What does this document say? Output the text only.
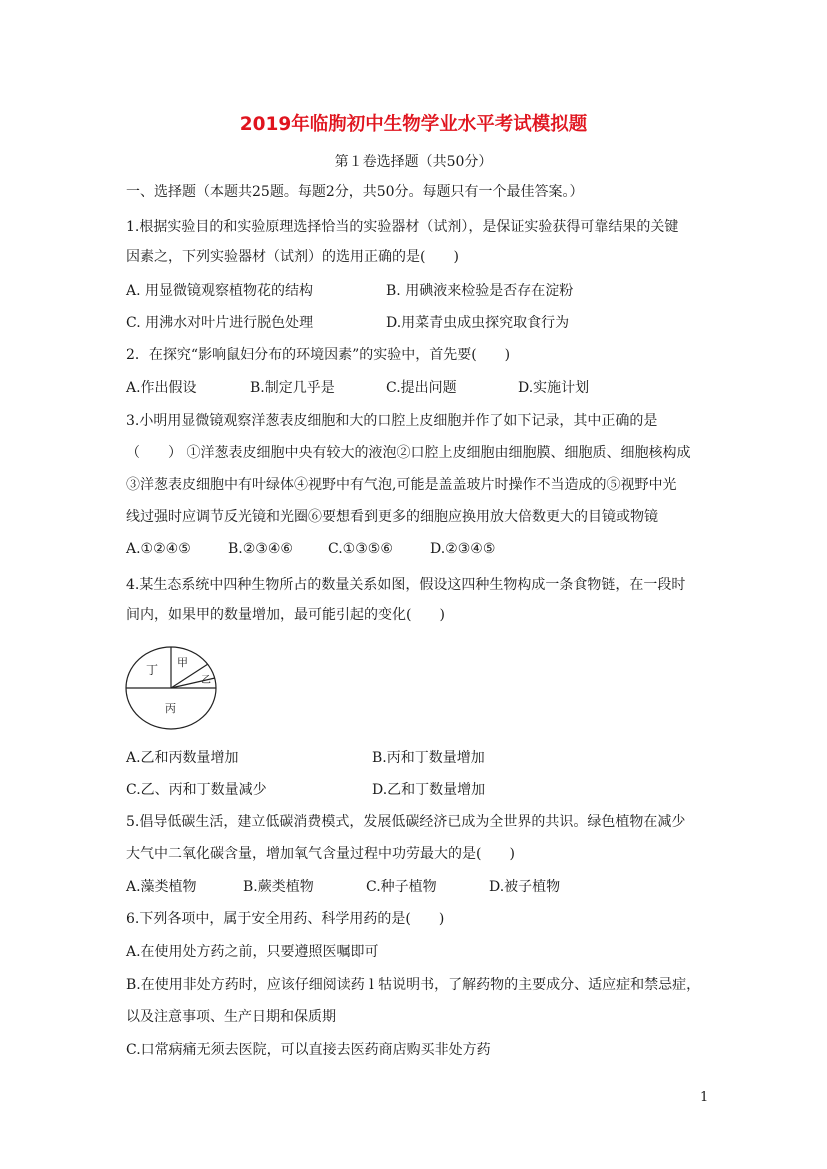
2019年临朐初中生物学业水平考试模拟题
第１卷选择题（共50分）
一、选择题（本题共25题。每题2分，共50分。每题只有一个最佳答案。）
1.根据实验目的和实验原理选择恰当的实验器材（试剂），是保证实验获得可靠结果的关键
因素之，下列实验器材（试剂）的选用正确的是(　　)
A. 用显微镜观察植物花的结构	B. 用碘液来检验是否存在淀粉
C. 用沸水对叶片进行脱色处理	D.用菜青虫成虫探究取食行为
2．在探究“影响鼠妇分布的环境因素”的实验中，首先要(　　)
A.作出假设	B.制定几乎是	C.提出问题	D.实施计划
3.小明用显微镜观察洋葱表皮细胞和大的口腔上皮细胞并作了如下记录，其中正确的是
（　　） ①洋葱表皮细胞中央有较大的液泡②口腔上皮细胞由细胞膜、细胞质、细胞核构成
③洋葱表皮细胞中有叶绿体④视野中有气泡,可能是盖盖玻片时操作不当造成的⑤视野中光
线过强时应调节反光镜和光圈⑥要想看到更多的细胞应换用放大倍数更大的目镜或物镜
A.①②④⑤	B.②③④⑥	C.①③⑤⑥	D.②③④⑤
4.某生态系统中四种生物所占的数量关系如图，假设这四种生物构成一条食物链，在一段时
间内，如果甲的数量增加，最可能引起的变化(　　)
丁
甲
乙
丙
A.乙和丙数量增加	B.丙和丁数量增加
C.乙、丙和丁数量减少	D.乙和丁数量增加
5.倡导低碳生活，建立低碳消费模式，发展低碳经济已成为全世界的共识。绿色植物在减少
大气中二氧化碳含量，增加氧气含量过程中功劳最大的是(　　)
A.藻类植物	B.蕨类植物	C.种子植物	D.被子植物
6.下列各项中，属于安全用药、科学用药的是(　　)
A.在使用处方药之前，只要遵照医嘱即可
B.在使用非处方药时，应该仔细阅读药 l 牯说明书，了解药物的主要成分、适应症和禁忌症，
以及注意事项、生产日期和保质期
C.口常病痛无须去医院，可以直接去医药商店购买非处方药
1
